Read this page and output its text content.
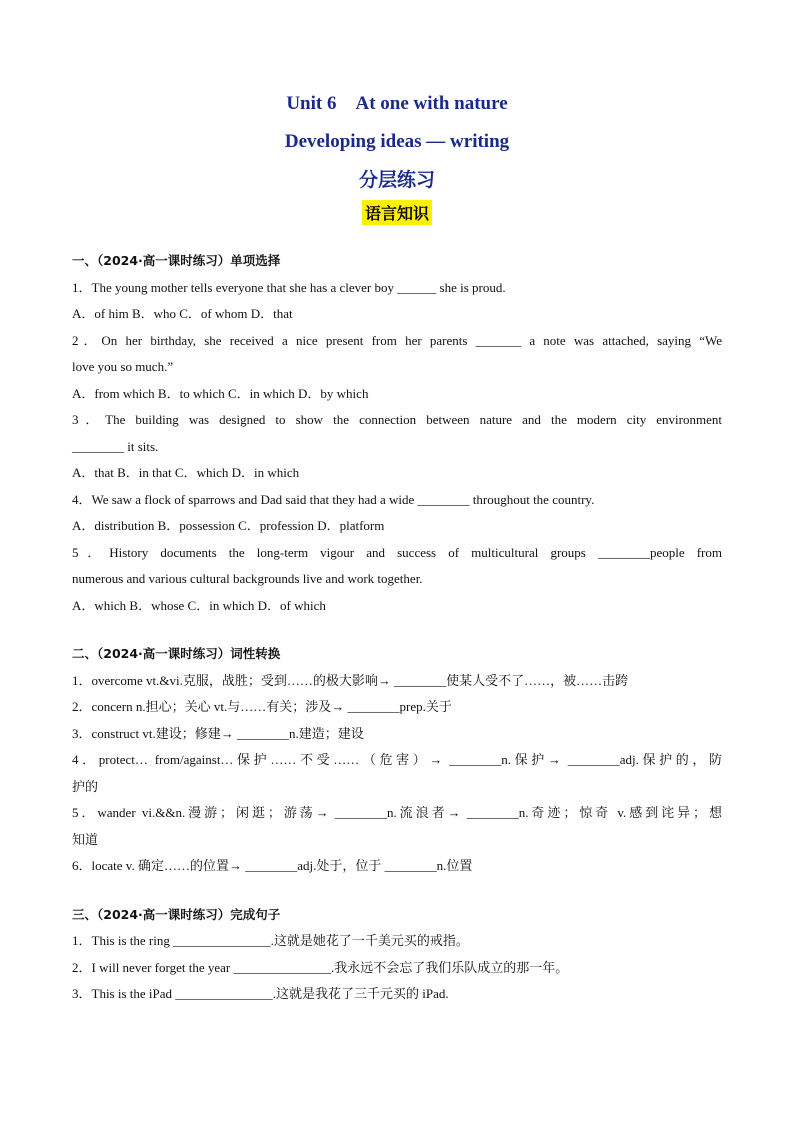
Unit 6 At one with nature
Developing ideas — writing
分层练习
语言知识
一、（2024·高一课时练习）单项选择
1．The young mother tells everyone that she has a clever boy ______ she is proud.
A．of him B．who C．of whom D．that
2．On her birthday, she received a nice present from her parents _______ a note was attached, saying “We
love you so much.”
A．from which B．to which C．in which D．by which
3．The building was designed to show the connection between nature and the modern city environment
________ it sits.
A．that B．in that C．which D．in which
4．We saw a flock of sparrows and Dad said that they had a wide ________ throughout the country.
A．distribution B．possession C．profession D．platform
5．History documents the long-term vigour and success of multicultural groups ________people from
numerous and various cultural backgrounds live and work together.
A．which B．whose C．in which D．of which
二、（2024·高一课时练习）词性转换
1．overcome vt.&vi.克服，战胜；受到……的极大影响→ ________使某人受不了……，被……击跨
2．concern n.担心；关心 vt.与……有关；涉及→ ________prep.关于
3．construct vt.建设；修建→ ________n.建造；建设
4．protect… from/against…保护……不受……（危害）→ ________n.保护→ ________adj.保护的，防
护的
5．wander vi.&&n.漫游；闲逛；游荡→ ________n.流浪者→ ________n.奇迹；惊奇 v.感到诧异；想
知道
6．locate v. 确定……的位置→ ________adj.处于，位于 ________n.位置
三、（2024·高一课时练习）完成句子
1．This is the ring _______________.这就是她花了一千美元买的戒指。
2．I will never forget the year _______________.我永远不会忘了我们乐队成立的那一年。
3．This is the iPad _______________.这就是我花了三千元买的 iPad.
